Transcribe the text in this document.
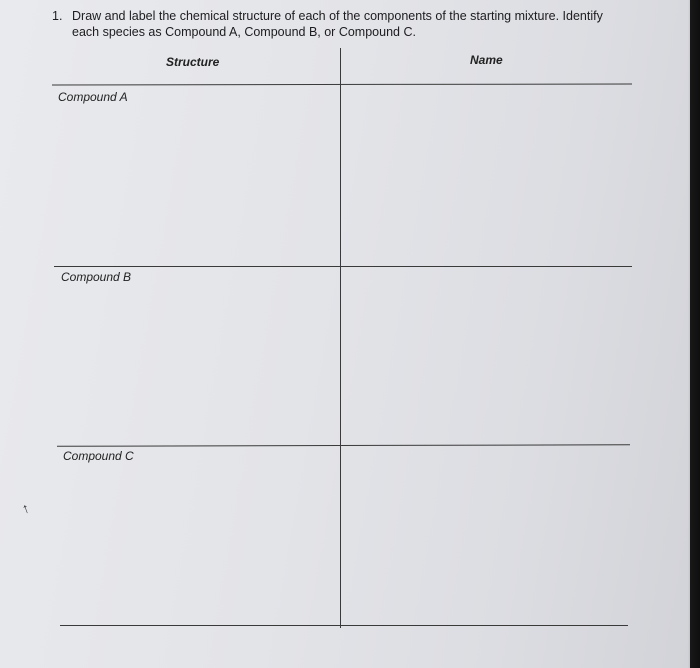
1. Draw and label the chemical structure of each of the components of the starting mixture. Identify
each species as Compound A, Compound B, or Compound C.
Structure	Name
Compound A
Compound B
Compound C
↑
